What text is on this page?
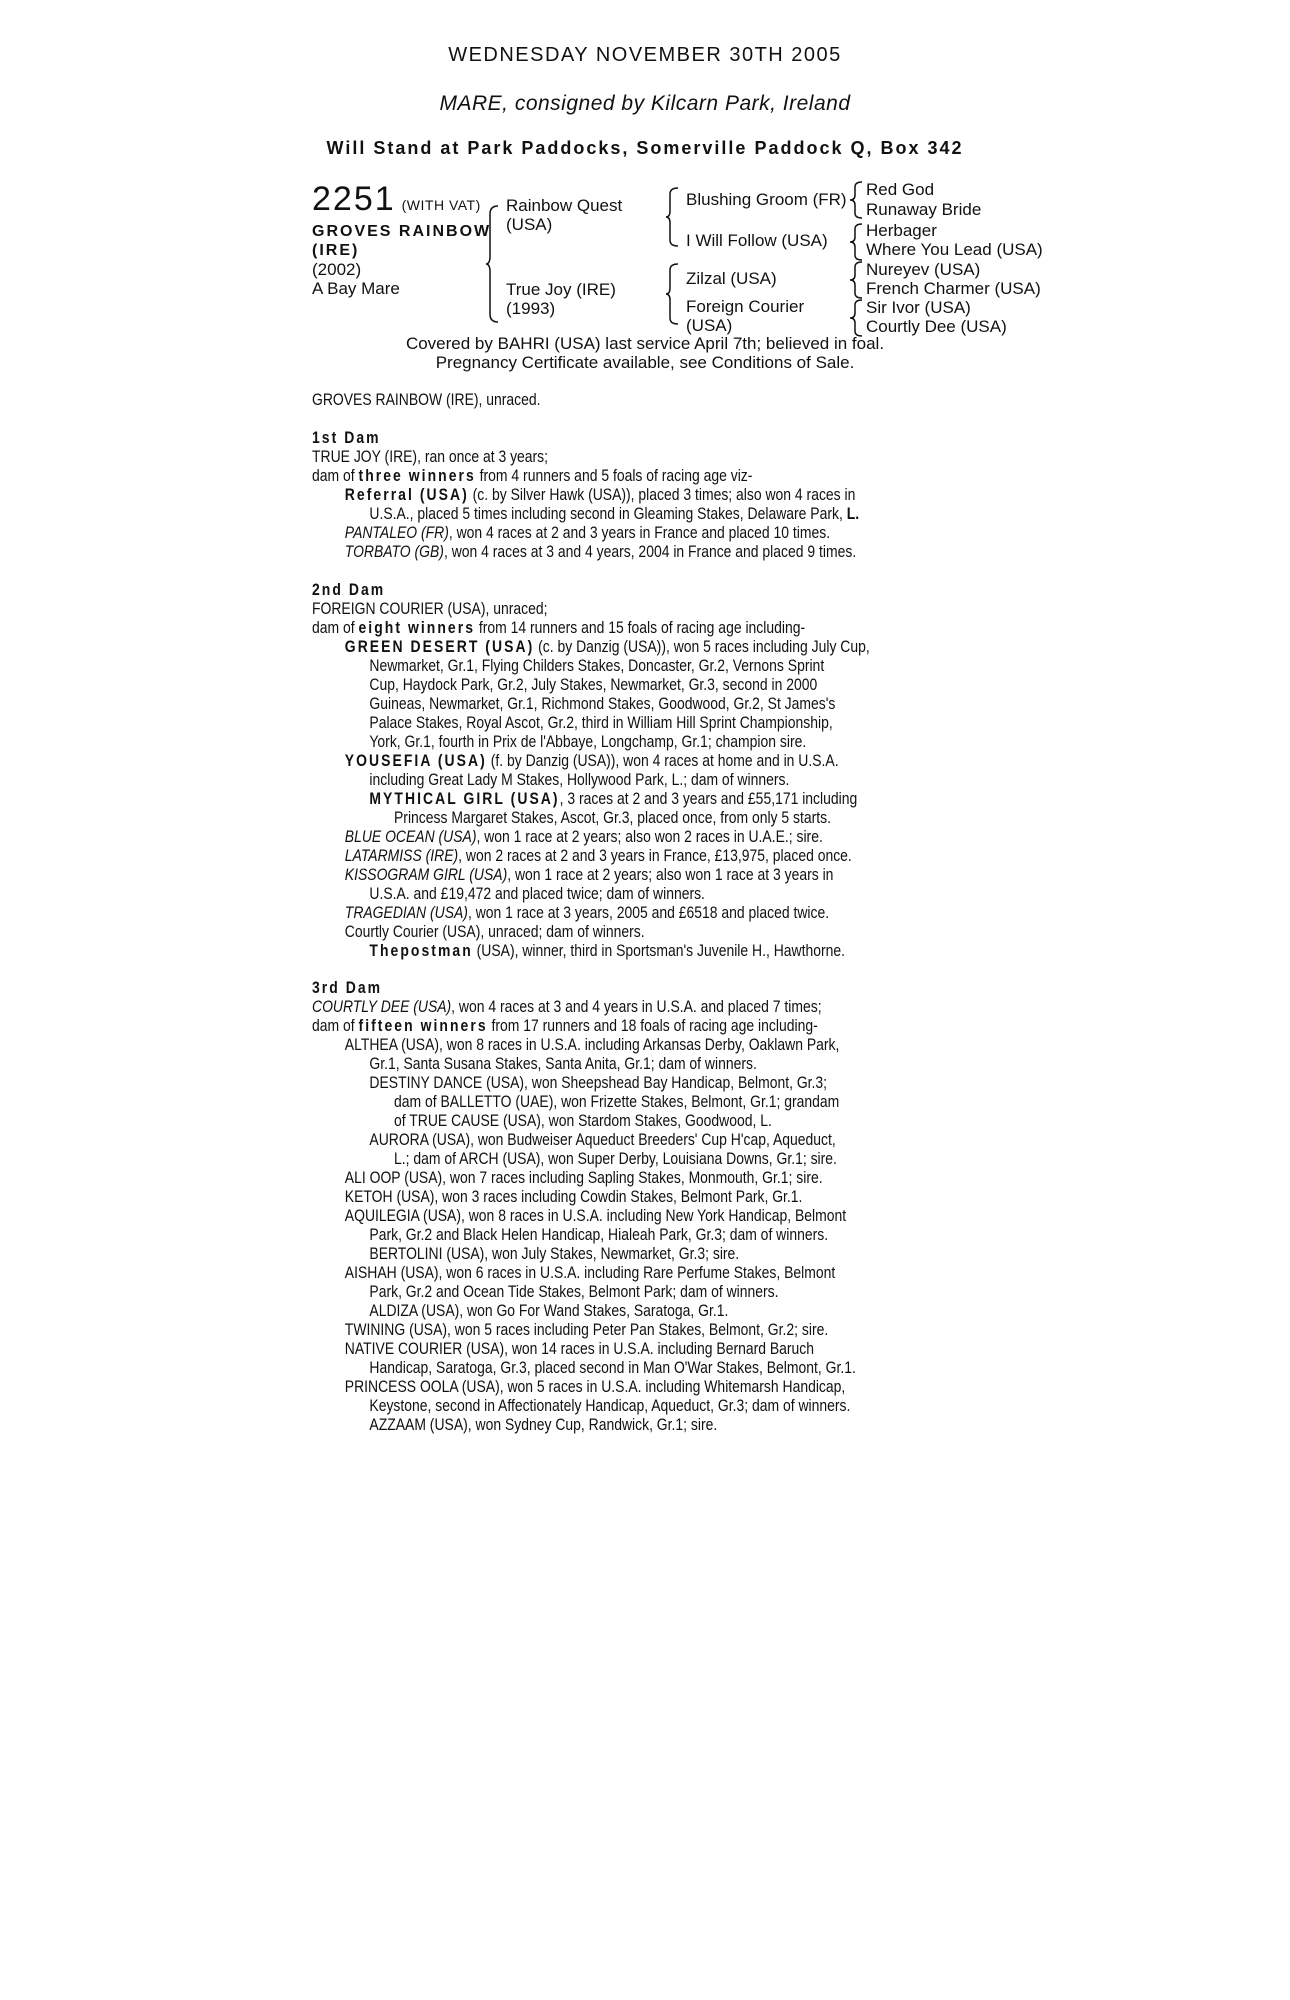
WEDNESDAY NOVEMBER 30TH 2005
MARE, consigned by Kilcarn Park, Ireland
Will Stand at Park Paddocks, Somerville Paddock Q, Box 342
2251 (WITH VAT)
GROVES RAINBOW
(IRE)
(2002)
A Bay Mare
Rainbow Quest
(USA)
True Joy (IRE)
(1993)
Blushing Groom (FR)
I Will Follow (USA)
Zilzal (USA)
Foreign Courier
(USA)
Red God
Runaway Bride
Herbager
Where You Lead (USA)
Nureyev (USA)
French Charmer (USA)
Sir Ivor (USA)
Courtly Dee (USA)
Covered by BAHRI (USA) last service April 7th; believed in foal.
Pregnancy Certificate available, see Conditions of Sale.
GROVES RAINBOW (IRE), unraced.
1st Dam
TRUE JOY (IRE), ran once at 3 years;
dam of three winners from 4 runners and 5 foals of racing age viz-
Referral (USA) (c. by Silver Hawk (USA)), placed 3 times; also won 4 races in
U.S.A., placed 5 times including second in Gleaming Stakes, Delaware Park, L.
PANTALEO (FR), won 4 races at 2 and 3 years in France and placed 10 times.
TORBATO (GB), won 4 races at 3 and 4 years, 2004 in France and placed 9 times.
2nd Dam
FOREIGN COURIER (USA), unraced;
dam of eight winners from 14 runners and 15 foals of racing age including-
GREEN DESERT (USA) (c. by Danzig (USA)), won 5 races including July Cup,
Newmarket, Gr.1, Flying Childers Stakes, Doncaster, Gr.2, Vernons Sprint
Cup, Haydock Park, Gr.2, July Stakes, Newmarket, Gr.3, second in 2000
Guineas, Newmarket, Gr.1, Richmond Stakes, Goodwood, Gr.2, St James's
Palace Stakes, Royal Ascot, Gr.2, third in William Hill Sprint Championship,
York, Gr.1, fourth in Prix de l'Abbaye, Longchamp, Gr.1; champion sire.
YOUSEFIA (USA) (f. by Danzig (USA)), won 4 races at home and in U.S.A.
including Great Lady M Stakes, Hollywood Park, L.; dam of winners.
MYTHICAL GIRL (USA), 3 races at 2 and 3 years and £55,171 including
Princess Margaret Stakes, Ascot, Gr.3, placed once, from only 5 starts.
BLUE OCEAN (USA), won 1 race at 2 years; also won 2 races in U.A.E.; sire.
LATARMISS (IRE), won 2 races at 2 and 3 years in France, £13,975, placed once.
KISSOGRAM GIRL (USA), won 1 race at 2 years; also won 1 race at 3 years in
U.S.A. and £19,472 and placed twice; dam of winners.
TRAGEDIAN (USA), won 1 race at 3 years, 2005 and £6518 and placed twice.
Courtly Courier (USA), unraced; dam of winners.
Thepostman (USA), winner, third in Sportsman's Juvenile H., Hawthorne.
3rd Dam
COURTLY DEE (USA), won 4 races at 3 and 4 years in U.S.A. and placed 7 times;
dam of fifteen winners from 17 runners and 18 foals of racing age including-
ALTHEA (USA), won 8 races in U.S.A. including Arkansas Derby, Oaklawn Park,
Gr.1, Santa Susana Stakes, Santa Anita, Gr.1; dam of winners.
DESTINY DANCE (USA), won Sheepshead Bay Handicap, Belmont, Gr.3;
dam of BALLETTO (UAE), won Frizette Stakes, Belmont, Gr.1; grandam
of TRUE CAUSE (USA), won Stardom Stakes, Goodwood, L.
AURORA (USA), won Budweiser Aqueduct Breeders' Cup H'cap, Aqueduct,
L.; dam of ARCH (USA), won Super Derby, Louisiana Downs, Gr.1; sire.
ALI OOP (USA), won 7 races including Sapling Stakes, Monmouth, Gr.1; sire.
KETOH (USA), won 3 races including Cowdin Stakes, Belmont Park, Gr.1.
AQUILEGIA (USA), won 8 races in U.S.A. including New York Handicap, Belmont
Park, Gr.2 and Black Helen Handicap, Hialeah Park, Gr.3; dam of winners.
BERTOLINI (USA), won July Stakes, Newmarket, Gr.3; sire.
AISHAH (USA), won 6 races in U.S.A. including Rare Perfume Stakes, Belmont
Park, Gr.2 and Ocean Tide Stakes, Belmont Park; dam of winners.
ALDIZA (USA), won Go For Wand Stakes, Saratoga, Gr.1.
TWINING (USA), won 5 races including Peter Pan Stakes, Belmont, Gr.2; sire.
NATIVE COURIER (USA), won 14 races in U.S.A. including Bernard Baruch
Handicap, Saratoga, Gr.3, placed second in Man O'War Stakes, Belmont, Gr.1.
PRINCESS OOLA (USA), won 5 races in U.S.A. including Whitemarsh Handicap,
Keystone, second in Affectionately Handicap, Aqueduct, Gr.3; dam of winners.
AZZAAM (USA), won Sydney Cup, Randwick, Gr.1; sire.
